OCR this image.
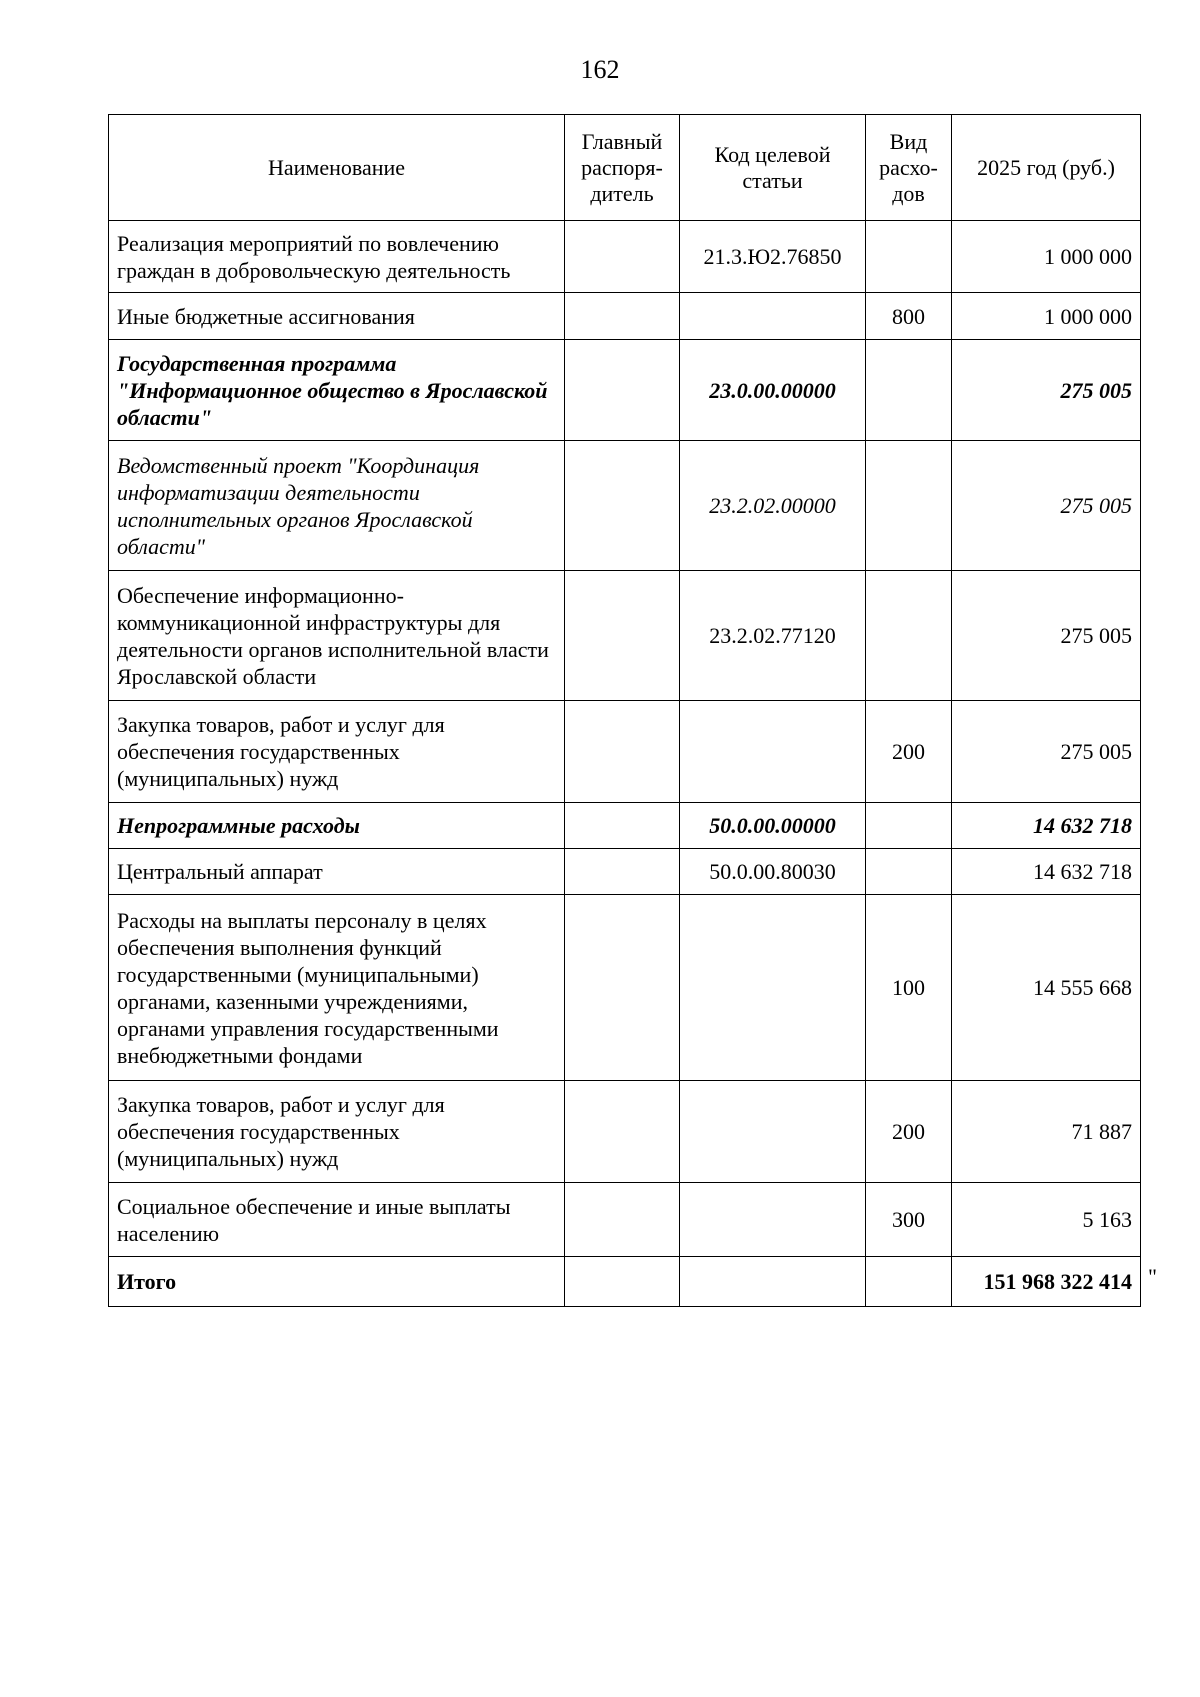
162
Наименование	Главный распоря-дитель	Код целевой статьи	Вид расхо-дов	2025 год (руб.)
Реализация мероприятий по вовлечению граждан в добровольческую деятельность		21.3.Ю2.76850		1 000 000
Иные бюджетные ассигнования			800	1 000 000
Государственная программа "Информационное общество в Ярославской области"		23.0.00.00000		275 005
Ведомственный проект "Координация информатизации деятельности исполнительных органов Ярославской области"		23.2.02.00000		275 005
Обеспечение информационно-коммуникационной инфраструктуры для деятельности органов исполнительной власти Ярославской области		23.2.02.77120		275 005
Закупка товаров, работ и услуг для обеспечения государственных (муниципальных) нужд			200	275 005
Непрограммные расходы		50.0.00.00000		14 632 718
Центральный аппарат		50.0.00.80030		14 632 718
Расходы на выплаты персоналу в целях обеспечения выполнения функций государственными (муниципальными) органами, казенными учреждениями, органами управления государственными внебюджетными фондами			100	14 555 668
Закупка товаров, работ и услуг для обеспечения государственных (муниципальных) нужд			200	71 887
Социальное обеспечение и иные выплаты населению			300	5 163
Итого				151 968 322 414 "
